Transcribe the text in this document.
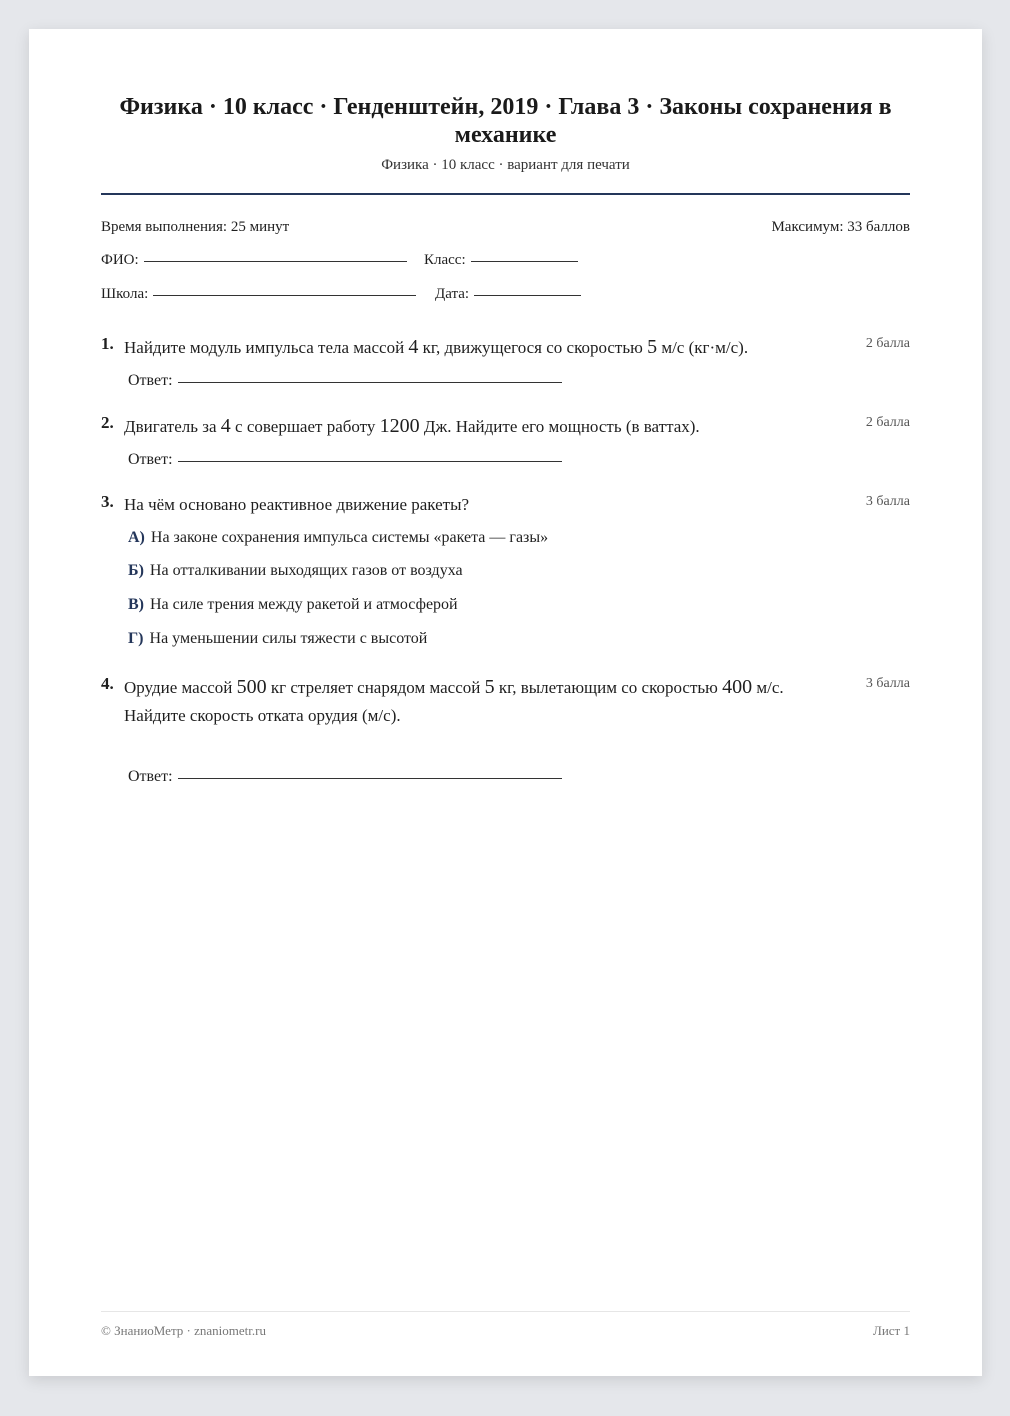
Физика · 10 класс · Генденштейн, 2019 · Глава 3 · Законы сохранения в механике
Физика · 10 класс · вариант для печати
Время выполнения: 25 минут	Максимум: 33 баллов
ФИО:	Класс:
Школа:	Дата:
1. Найдите модуль импульса тела массой 4 кг, движущегося со скоростью 5 м/с (кг·м/с).	2 балла
Ответ:
2. Двигатель за 4 с совершает работу 1200 Дж. Найдите его мощность (в ваттах).	2 балла
Ответ:
3. На чём основано реактивное движение ракеты?	3 балла
А) На законе сохранения импульса системы «ракета — газы»
Б) На отталкивании выходящих газов от воздуха
В) На силе трения между ракетой и атмосферой
Г) На уменьшении силы тяжести с высотой
4. Орудие массой 500 кг стреляет снарядом массой 5 кг, вылетающим со скоростью 400 м/с. Найдите скорость отката орудия (м/с).
3 балла
Ответ:
© ЗнаниоМетр · znaniometr.ru	Лист 1
